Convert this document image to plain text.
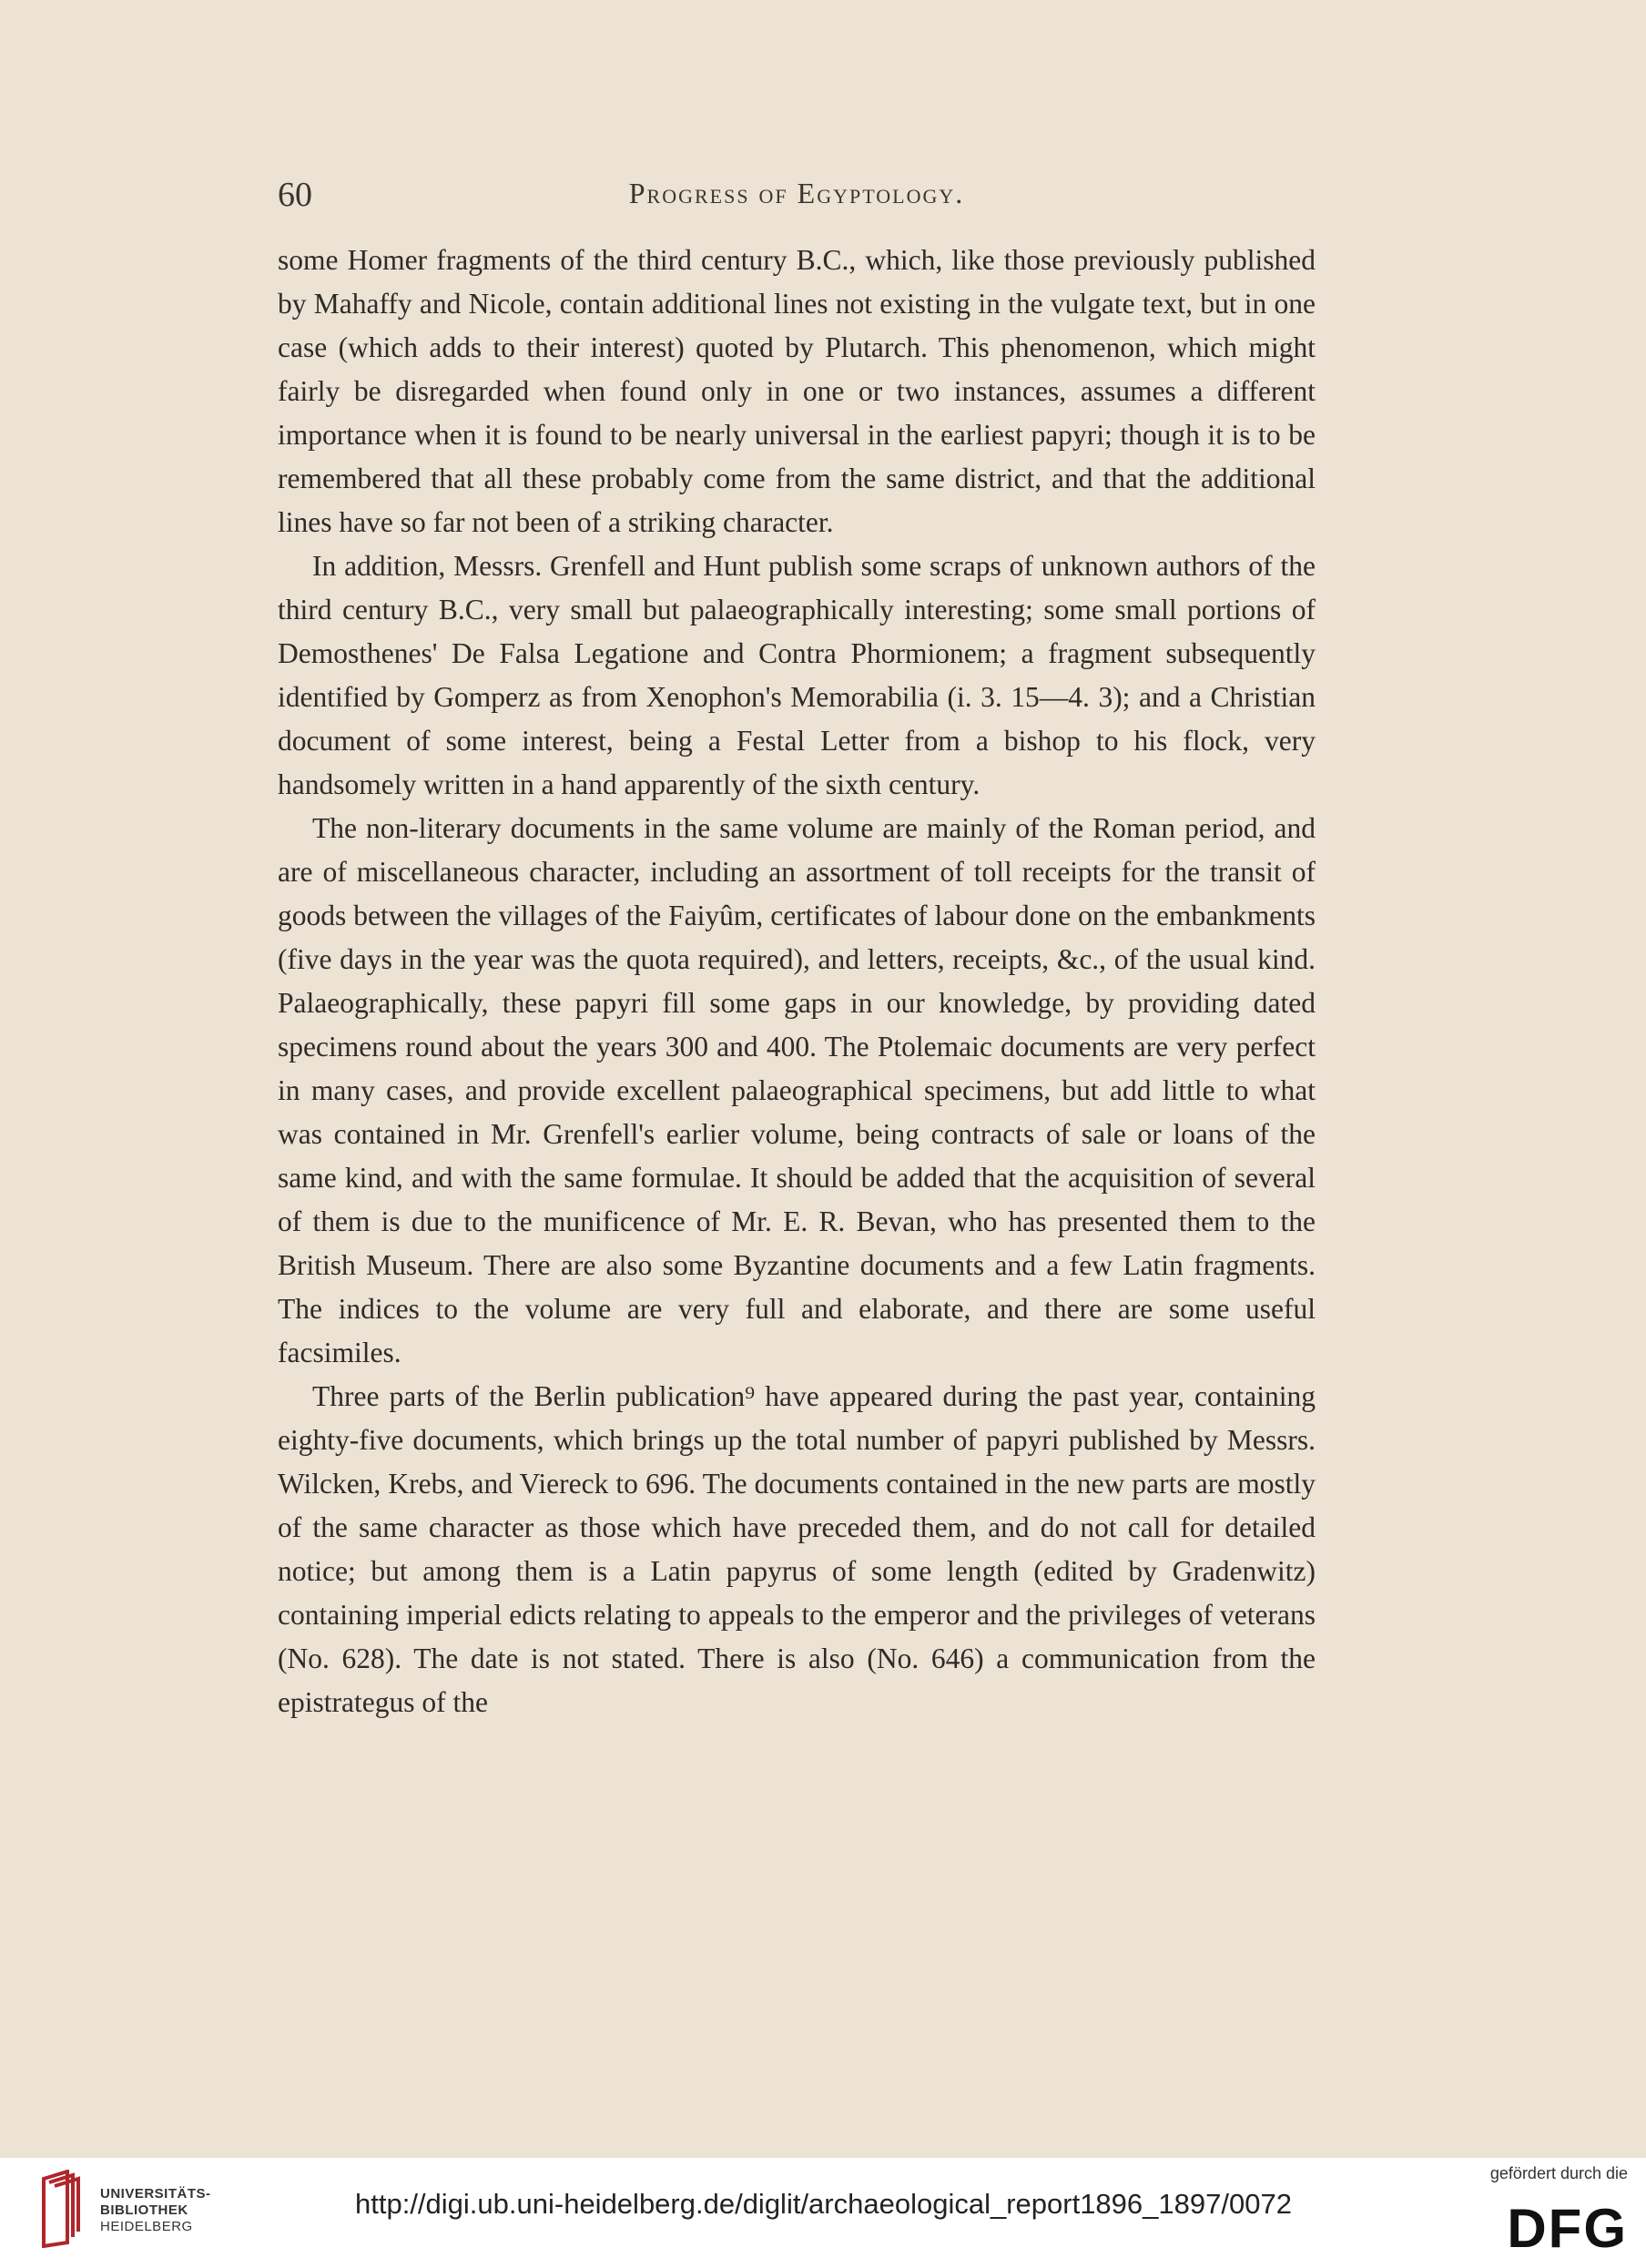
60	Progress of Egyptology.

some Homer fragments of the third century B.C., which, like those previously published by Mahaffy and Nicole, contain additional lines not existing in the vulgate text, but in one case (which adds to their interest) quoted by Plutarch. This phenomenon, which might fairly be disregarded when found only in one or two instances, assumes a different importance when it is found to be nearly universal in the earliest papyri; though it is to be remembered that all these probably come from the same district, and that the additional lines have so far not been of a striking character.

In addition, Messrs. Grenfell and Hunt publish some scraps of unknown authors of the third century B.C., very small but palaeographically interesting; some small portions of Demosthenes' De Falsa Legatione and Contra Phormionem; a fragment subsequently identified by Gomperz as from Xenophon's Memorabilia (i. 3. 15—4. 3); and a Christian document of some interest, being a Festal Letter from a bishop to his flock, very handsomely written in a hand apparently of the sixth century.

The non-literary documents in the same volume are mainly of the Roman period, and are of miscellaneous character, including an assortment of toll receipts for the transit of goods between the villages of the Faiyûm, certificates of labour done on the embankments (five days in the year was the quota required), and letters, receipts, &c., of the usual kind. Palaeographically, these papyri fill some gaps in our knowledge, by providing dated specimens round about the years 300 and 400. The Ptolemaic documents are very perfect in many cases, and provide excellent palaeographical specimens, but add little to what was contained in Mr. Grenfell's earlier volume, being contracts of sale or loans of the same kind, and with the same formulae. It should be added that the acquisition of several of them is due to the munificence of Mr. E. R. Bevan, who has presented them to the British Museum. There are also some Byzantine documents and a few Latin fragments. The indices to the volume are very full and elaborate, and there are some useful facsimiles.

Three parts of the Berlin publication⁹ have appeared during the past year, containing eighty-five documents, which brings up the total number of papyri published by Messrs. Wilcken, Krebs, and Viereck to 696. The documents contained in the new parts are mostly of the same character as those which have preceded them, and do not call for detailed notice; but among them is a Latin papyrus of some length (edited by Gradenwitz) containing imperial edicts relating to appeals to the emperor and the privileges of veterans (No. 628). The date is not stated. There is also (No. 646) a communication from the epistrategus of the

UNIVERSITÄTS-
BIBLIOTHEK
HEIDELBERG
http://digi.ub.uni-heidelberg.de/diglit/archaeological_report1896_1897/0072
gefördert durch die
DFG
